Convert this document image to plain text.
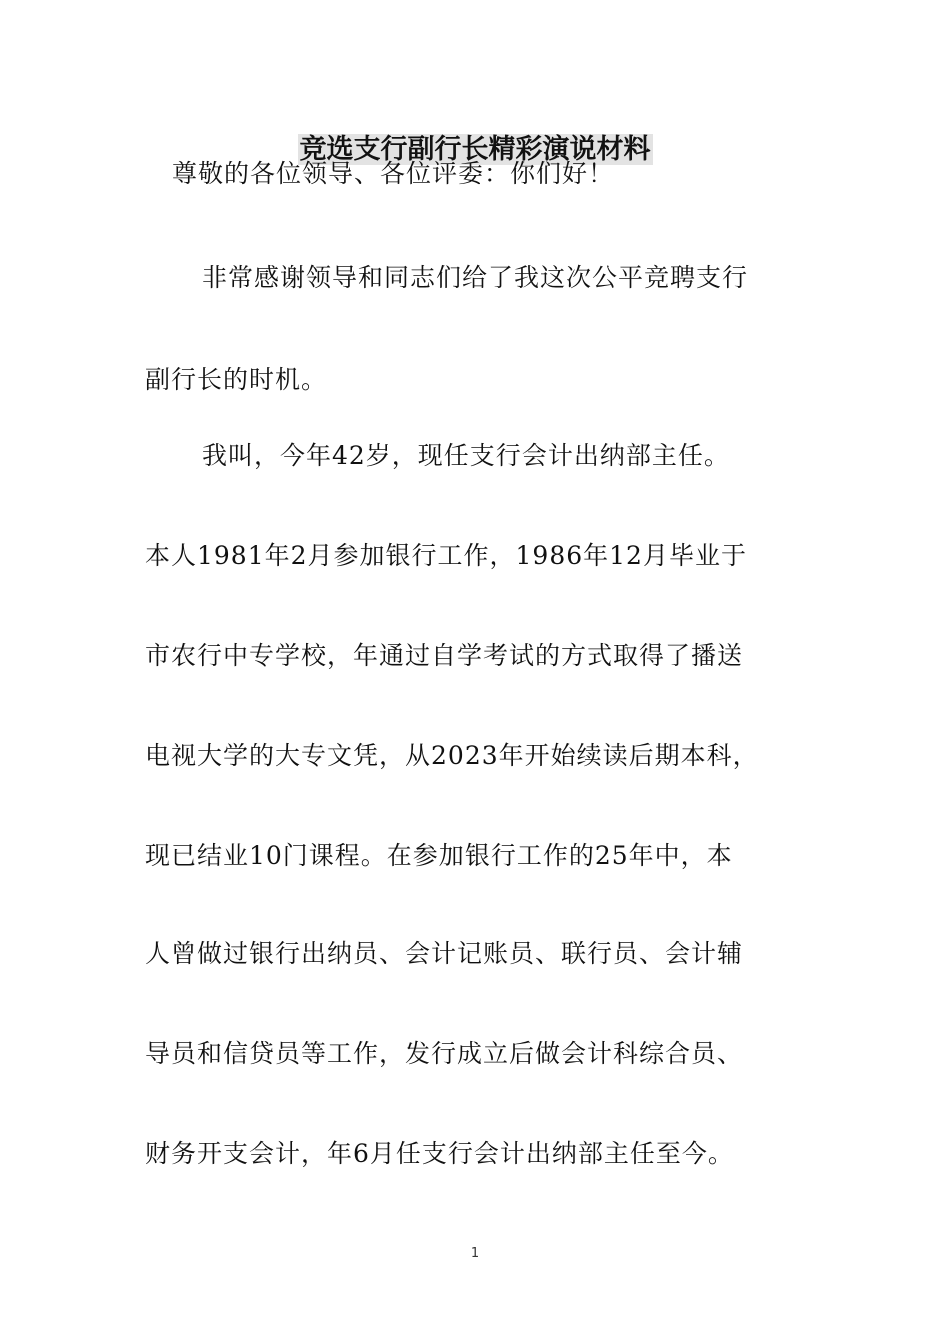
竞选支行副行长精彩演说材料
尊敬的各位领导、各位评委：你们好！
非常感谢领导和同志们给了我这次公平竞聘支行
副行长的时机。
我叫，今年42岁，现任支行会计出纳部主任。
本人1981年2月参加银行工作，1986年12月毕业于
市农行中专学校，年通过自学考试的方式取得了播送
电视大学的大专文凭，从2023年开始续读后期本科，
现已结业10门课程。在参加银行工作的25年中，本
人曾做过银行出纳员、会计记账员、联行员、会计辅
导员和信贷员等工作，发行成立后做会计科综合员、
财务开支会计，年6月任支行会计出纳部主任至今。
1
